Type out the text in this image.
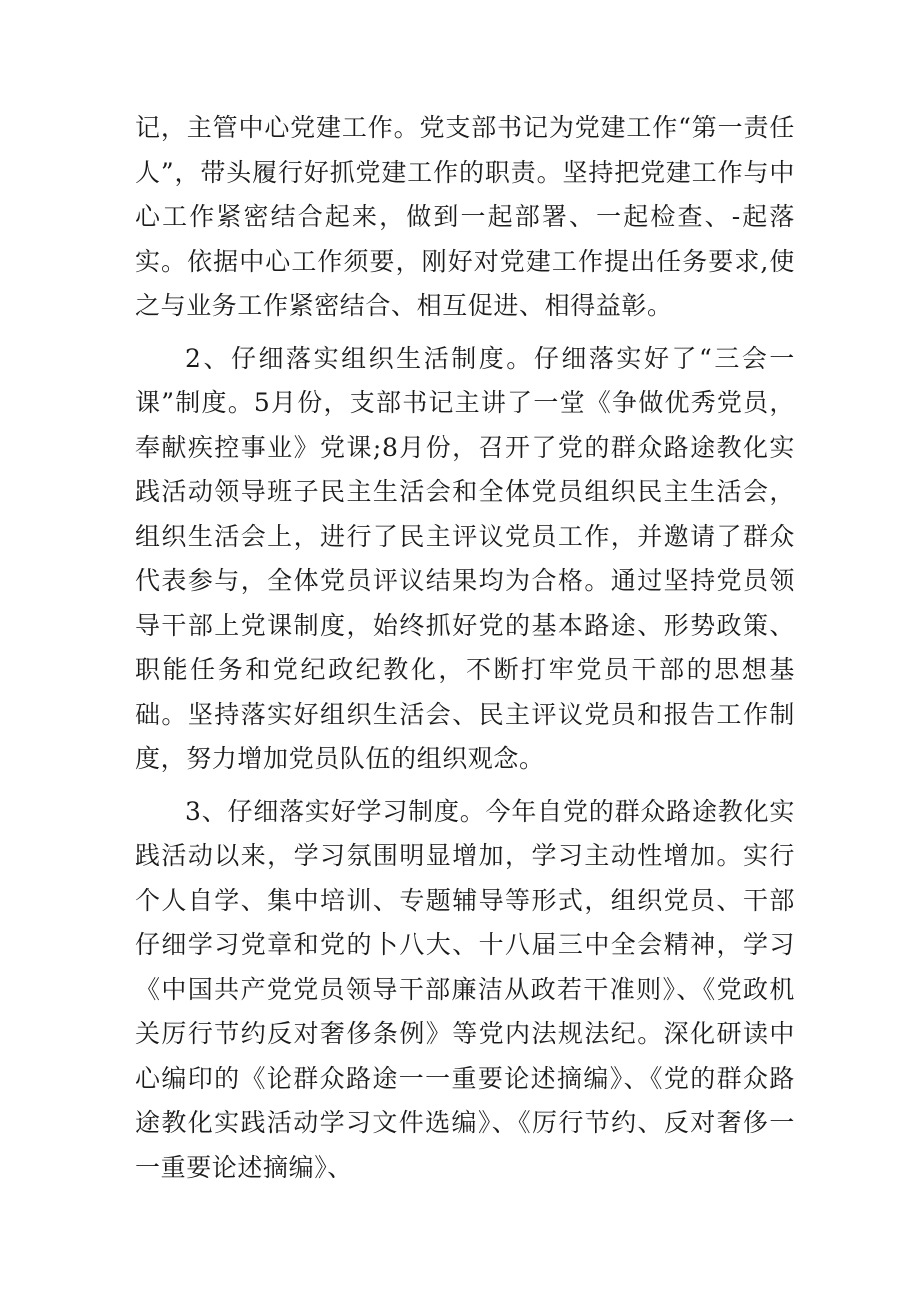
记，主管中心党建工作。党支部书记为党建工作“第一责任人”，带头履行好抓党建工作的职责。坚持把党建工作与中心工作紧密结合起来，做到一起部署、一起检查、-起落实。依据中心工作须要，刚好对党建工作提出任务要求,使之与业务工作紧密结合、相互促进、相得益彰。

2、仔细落实组织生活制度。仔细落实好了“三会一课”制度。5月份，支部书记主讲了一堂《争做优秀党员，奉献疾控事业》党课;8月份，召开了党的群众路途教化实践活动领导班子民主生活会和全体党员组织民主生活会，组织生活会上，进行了民主评议党员工作，并邀请了群众代表参与，全体党员评议结果均为合格。通过坚持党员领导干部上党课制度，始终抓好党的基本路途、形势政策、职能任务和党纪政纪教化，不断打牢党员干部的思想基础。坚持落实好组织生活会、民主评议党员和报告工作制度，努力增加党员队伍的组织观念。

3、仔细落实好学习制度。今年自党的群众路途教化实践活动以来，学习氛围明显增加，学习主动性增加。实行个人自学、集中培训、专题辅导等形式，组织党员、干部仔细学习党章和党的卜八大、十八届三中全会精神，学习《中国共产党党员领导干部廉洁从政若干准则》、《党政机关厉行节约反对奢侈条例》等党内法规法纪。深化研读中心编印的《论群众路途一一重要论述摘编》、《党的群众路途教化实践活动学习文件选编》、《厉行节约、反对奢侈一一重要论述摘编》、
